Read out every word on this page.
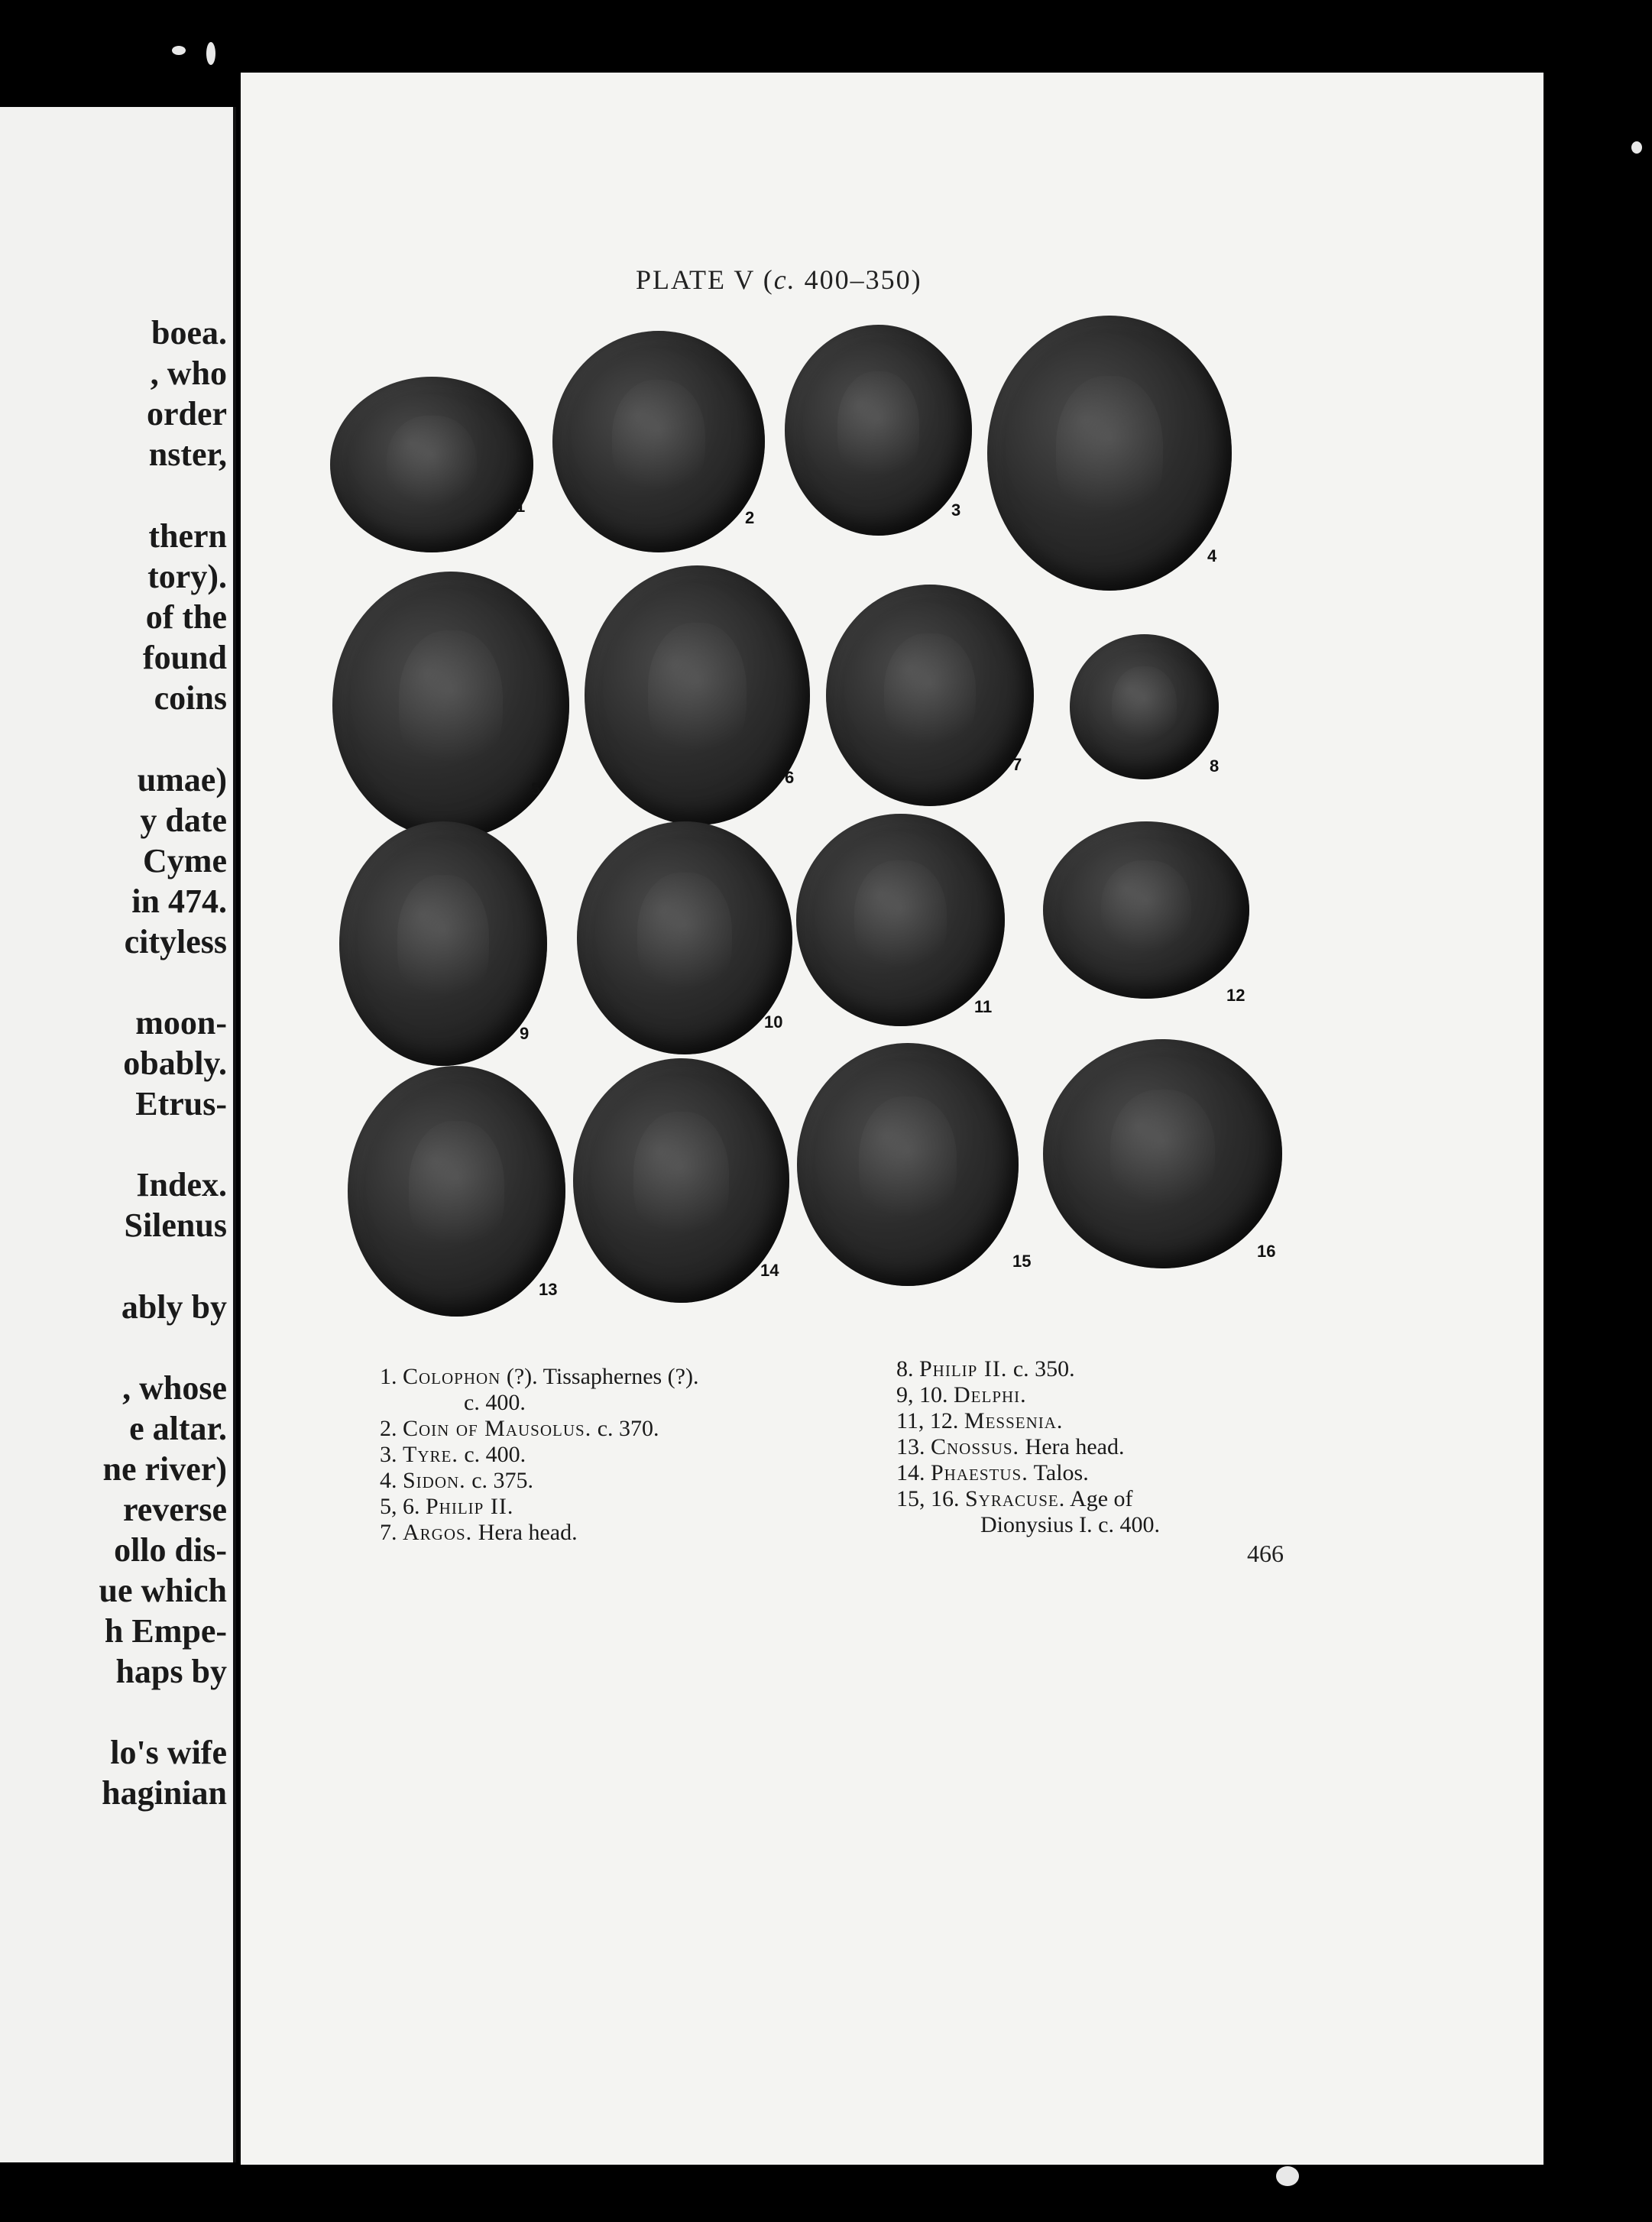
boea.
, who
order
nster,
thern
tory).
of the
found
coins
umae)
y date
Cyme
in 474.
cityless
moon-
obably.
Etrus-
Index.
Silenus
ably by
, whose
e altar.
ne river)
reverse
ollo dis-
ue which
h Empe-
haps by
lo's wife
haginian
PLATE V (c. 400–350)
1
2	3
4
5
6
7	8
9
10
11
12
13
14	15
16
1. Colophon (?). Tissaphernes (?).
c. 400.
2. Coin of Mausolus. c. 370.
3. Tyre. c. 400.
4. Sidon. c. 375.
5, 6. Philip II.
7. Argos. Hera head.
8. Philip II. c. 350.
9, 10. Delphi.
11, 12. Messenia.
13. Cnossus. Hera head.
14. Phaestus. Talos.
15, 16. Syracuse. Age of
Dionysius I. c. 400.
466
